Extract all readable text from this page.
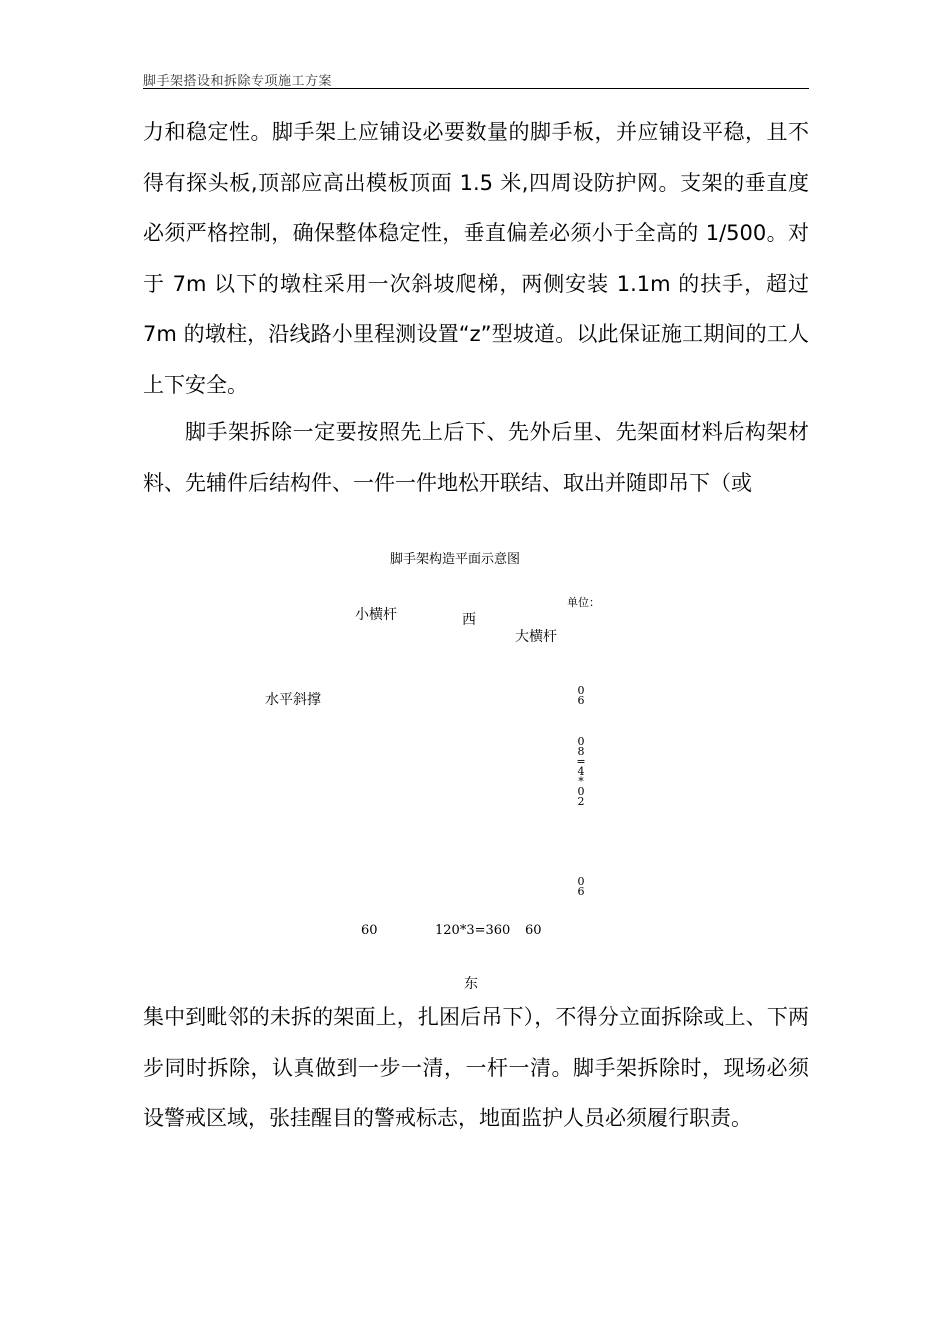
脚手架搭设和拆除专项施工方案

力和稳定性。脚手架上应铺设必要数量的脚手板，并应铺设平稳，且不得有探头板,顶部应高出模板顶面 1.5 米,四周设防护网。支架的垂直度必须严格控制，确保整体稳定性，垂直偏差必须小于全高的 1/500。对于 7m 以下的墩柱采用一次斜坡爬梯，两侧安装 1.1m 的扶手，超过 7m 的墩柱，沿线路小里程测设置“z”型坡道。以此保证施工期间的工人上下安全。

脚手架拆除一定要按照先上后下、先外后里、先架面材料后构架材料、先辅件后结构件、一件一件地松开联结、取出并随即吊下（或

脚手架构造平面示意图
单位：
小横杆	西
大横杆
水平斜撑
06
08=4*02
06
60	120*3=360 60
东

集中到毗邻的未拆的架面上，扎困后吊下），不得分立面拆除或上、下两步同时拆除，认真做到一步一清，一杆一清。脚手架拆除时，现场必须设警戒区域，张挂醒目的警戒标志，地面监护人员必须履行职责。
